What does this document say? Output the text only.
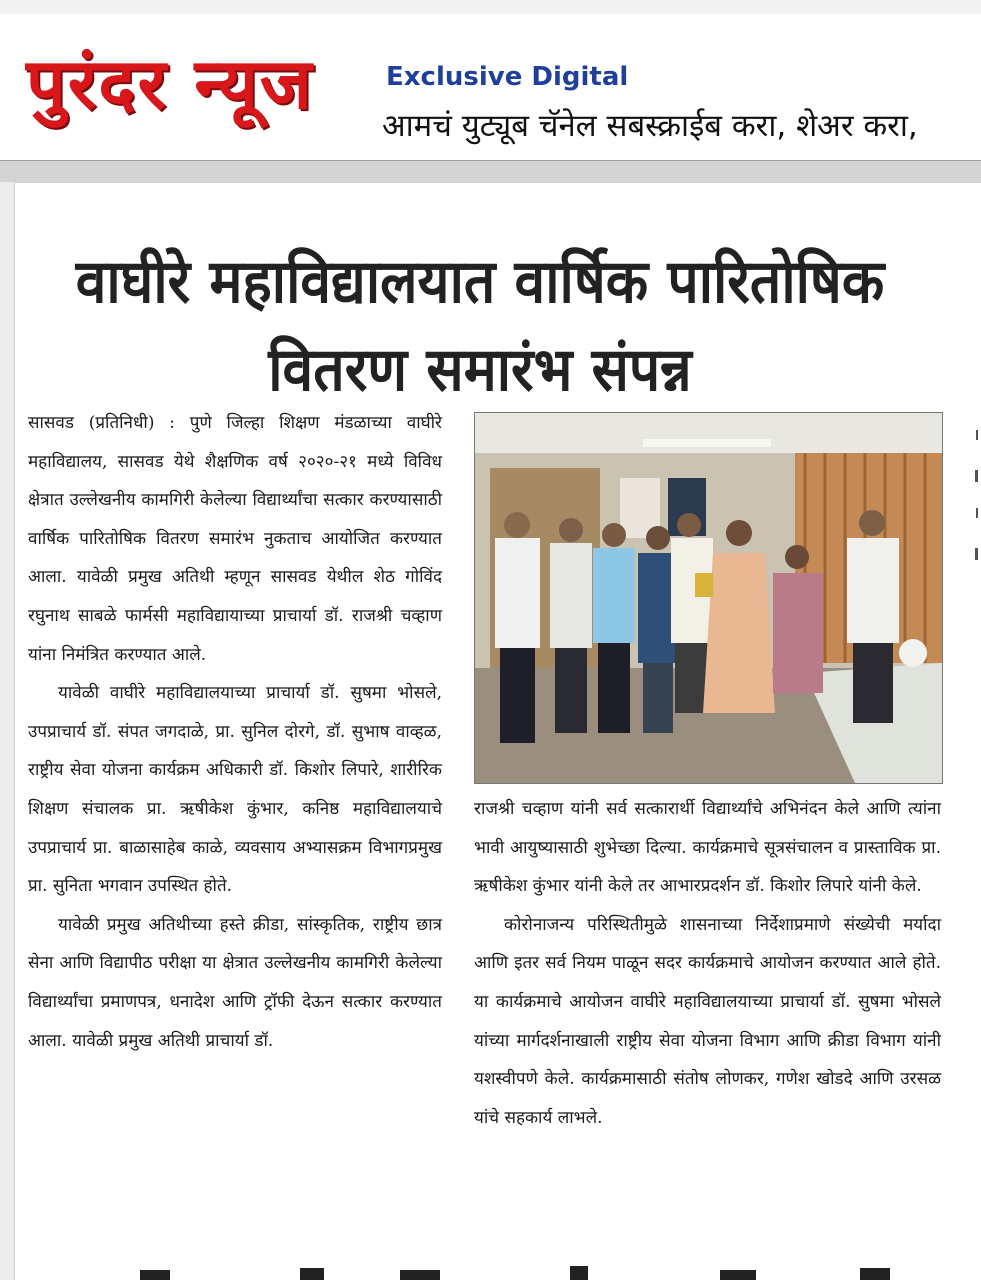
पुरंदर न्यूज	Exclusive Digital
आमचं युट्यूब चॅनेल सबस्क्राईब करा, शेअर करा,
वाघीरे महाविद्यालयात वार्षिक पारितोषिक वितरण समारंभ संपन्न

सासवड (प्रतिनिधी) : पुणे जिल्हा शिक्षण मंडळाच्या वाघीरे महाविद्यालय, सासवड येथे शैक्षणिक वर्ष २०२०-२१ मध्ये विविध क्षेत्रात उल्लेखनीय कामगिरी केलेल्या विद्यार्थ्यांचा सत्कार करण्यासाठी वार्षिक पारितोषिक वितरण समारंभ नुकताच आयोजित करण्यात आला. यावेळी प्रमुख अतिथी म्हणून सासवड येथील शेठ गोविंद रघुनाथ साबळे फार्मसी महाविद्यायाच्या प्राचार्या डॉ. राजश्री चव्हाण यांना निमंत्रित करण्यात आले.

यावेळी वाघीरे महाविद्यालयाच्या प्राचार्या डॉ. सुषमा भोसले, उपप्राचार्य डॉ. संपत जगदाळे, प्रा. सुनिल दोरगे, डॉ. सुभाष वाव्हळ, राष्ट्रीय सेवा योजना कार्यक्रम अधिकारी डॉ. किशोर लिपारे, शारीरिक शिक्षण संचालक प्रा. ऋषीकेश कुंभार, कनिष्ठ महाविद्यालयाचे उपप्राचार्य प्रा. बाळासाहेब काळे, व्यवसाय अभ्यासक्रम विभागप्रमुख प्रा. सुनिता भगवान उपस्थित होते.

यावेळी प्रमुख अतिथीच्या हस्ते क्रीडा, सांस्कृतिक, राष्ट्रीय छात्र सेना आणि विद्यापीठ परीक्षा या क्षेत्रात उल्लेखनीय कामगिरी केलेल्या विद्यार्थ्यांचा प्रमाणपत्र, धनादेश आणि ट्रॉफी देऊन सत्कार करण्यात आला. यावेळी प्रमुख अतिथी प्राचार्या डॉ.

राजश्री चव्हाण यांनी सर्व सत्कारार्थी विद्यार्थ्यांचे अभिनंदन केले आणि त्यांना भावी आयुष्यासाठी शुभेच्छा दिल्या. कार्यक्रमाचे सूत्रसंचालन व प्रास्ताविक प्रा. ऋषीकेश कुंभार यांनी केले तर आभारप्रदर्शन डॉ. किशोर लिपारे यांनी केले.

कोरोनाजन्य परिस्थितीमुळे शासनाच्या निर्देशाप्रमाणे संख्येची मर्यादा आणि इतर सर्व नियम पाळून सदर कार्यक्रमाचे आयोजन करण्यात आले होते. या कार्यक्रमाचे आयोजन वाघीरे महाविद्यालयाच्या प्राचार्या डॉ. सुषमा भोसले यांच्या मार्गदर्शनाखाली राष्ट्रीय सेवा योजना विभाग आणि क्रीडा विभाग यांनी यशस्वीपणे केले. कार्यक्रमासाठी संतोष लोणकर, गणेश खोडदे आणि उरसळ यांचे सहकार्य लाभले.
